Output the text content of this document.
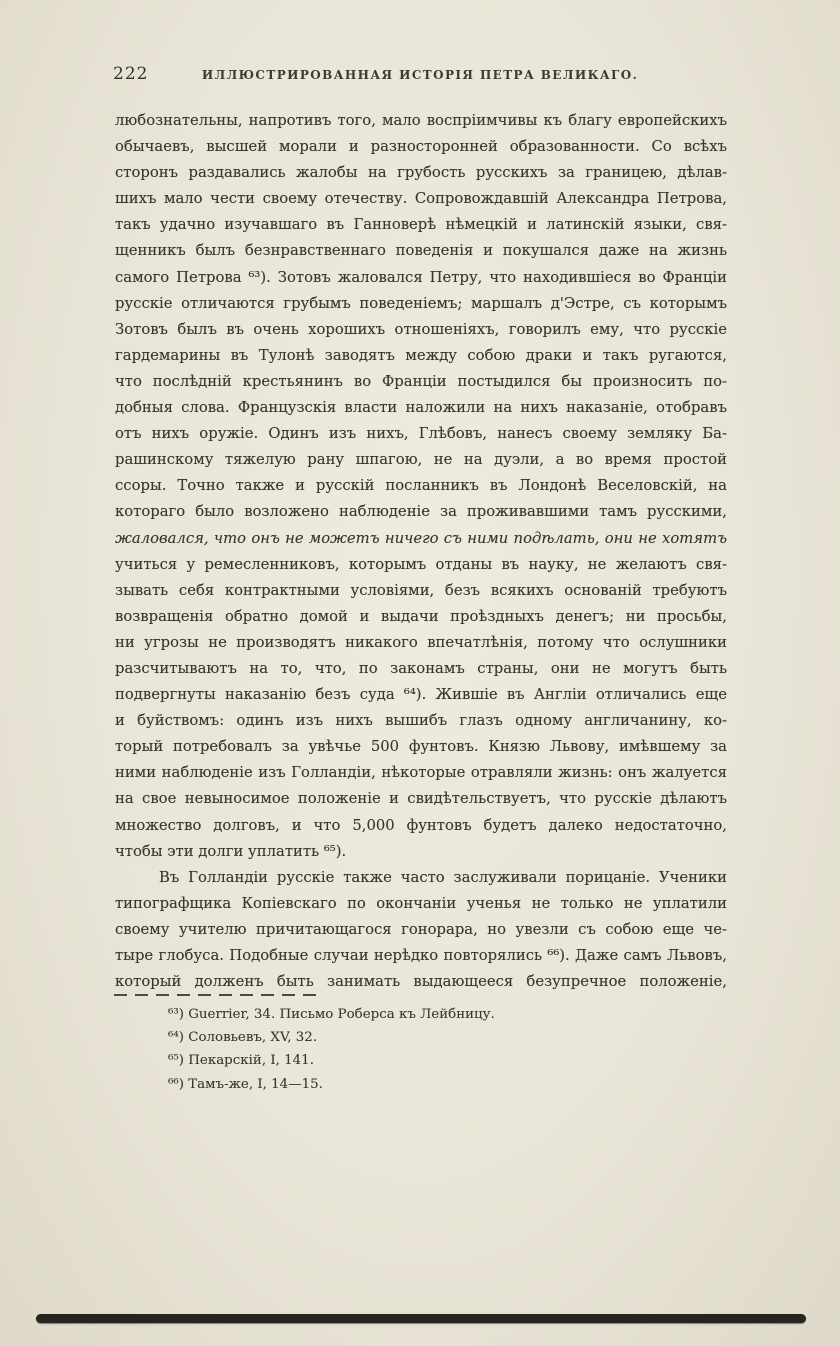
222	ИЛЛЮСТРИРОВАННАЯ ИСТОРІЯ ПЕТРА ВЕЛИКАГО.
любознательны, напротивъ того, мало воспріимчивы къ благу европейскихъ
обычаевъ, высшей морали и разносторонней образованности. Со всѣхъ
сторонъ раздавались жалобы на грубость русскихъ за границею, дѣлав-
шихъ мало чести своему отечеству. Сопровождавшій Александра Петрова,
такъ удачно изучавшаго въ Ганноверѣ нѣмецкій и латинскій языки, свя-
щенникъ былъ безнравственнаго поведенія и покушался даже на жизнь
самого Петрова ⁶³). Зотовъ жаловался Петру, что находившіеся во Франціи
русскіе отличаются грубымъ поведеніемъ; маршалъ д'Эстре, съ которымъ
Зотовъ былъ въ очень хорошихъ отношеніяхъ, говорилъ ему, что русскіе
гардемарины въ Тулонѣ заводятъ между собою драки и такъ ругаются,
что послѣдній крестьянинъ во Франціи постыдился бы произносить по-
добныя слова. Французскія власти наложили на нихъ наказаніе, отобравъ
отъ нихъ оружіе. Одинъ изъ нихъ, Глѣбовъ, нанесъ своему земляку Ба-
рашинскому тяжелую рану шпагою, не на дуэли, а во время простой
ссоры. Точно также и русскій посланникъ въ Лондонѣ Веселовскій, на
котораго было возложено наблюденіе за проживавшими тамъ русскими,
жаловался, что онъ не можетъ ничего съ ними подѣлать, они не хотятъ
учиться у ремесленниковъ, которымъ отданы въ науку, не желаютъ свя-
зывать себя контрактными условіями, безъ всякихъ основаній требуютъ
возвращенія обратно домой и выдачи проѣздныхъ денегъ; ни просьбы,
ни угрозы не производятъ никакого впечатлѣнія, потому что ослушники
разсчитываютъ на то, что, по законамъ страны, они не могутъ быть
подвергнуты наказанію безъ суда ⁶⁴). Жившіе въ Англіи отличались еще
и буйствомъ: одинъ изъ нихъ вышибъ глазъ одному англичанину, ко-
торый потребовалъ за увѣчье 500 фунтовъ. Князю Львову, имѣвшему за
ними наблюденіе изъ Голландіи, нѣкоторые отравляли жизнь: онъ жалуется
на свое невыносимое положеніе и свидѣтельствуетъ, что русскіе дѣлаютъ
множество долговъ, и что 5,000 фунтовъ будетъ далеко недостаточно,
чтобы эти долги уплатить ⁶⁵).
Въ Голландіи русскіе также часто заслуживали порицаніе. Ученики
типографщика Копіевскаго по окончаніи ученья не только не уплатили
своему учителю причитающагося гонорара, но увезли съ собою еще че-
тыре глобуса. Подобные случаи нерѣдко повторялись ⁶⁶). Даже самъ Львовъ,
который долженъ быть занимать выдающееся безупречное положеніе,
⁶³) Guerrier, 34. Письмо Роберса къ Лейбницу.
⁶⁴) Соловьевъ, XV, 32.
⁶⁵) Пекарскій, I, 141.
⁶⁶) Тамъ-же, I, 14—15.
